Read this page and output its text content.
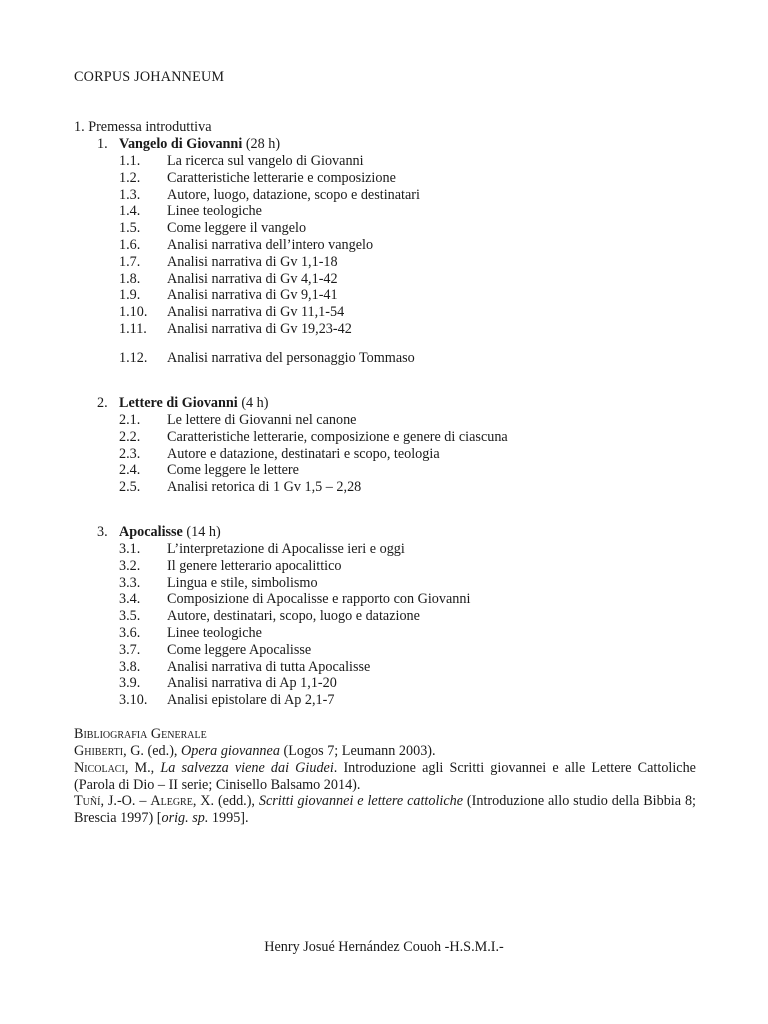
CORPUS JOHANNEUM
1. Premessa introduttiva
1. Vangelo di Giovanni (28 h)
1.1. La ricerca sul vangelo di Giovanni
1.2. Caratteristiche letterarie e composizione
1.3. Autore, luogo, datazione, scopo e destinatari
1.4. Linee teologiche
1.5. Come leggere il vangelo
1.6. Analisi narrativa dell’intero vangelo
1.7. Analisi narrativa di Gv 1,1-18
1.8. Analisi narrativa di Gv 4,1-42
1.9. Analisi narrativa di Gv 9,1-41
1.10. Analisi narrativa di Gv 11,1-54
1.11. Analisi narrativa di Gv 19,23-42
1.12. Analisi narrativa del personaggio Tommaso
2. Lettere di Giovanni (4 h)
2.1. Le lettere di Giovanni nel canone
2.2. Caratteristiche letterarie, composizione e genere di ciascuna
2.3. Autore e datazione, destinatari e scopo, teologia
2.4. Come leggere le lettere
2.5. Analisi retorica di 1 Gv 1,5 – 2,28
3. Apocalisse (14 h)
3.1. L’interpretazione di Apocalisse ieri e oggi
3.2. Il genere letterario apocalittico
3.3. Lingua e stile, simbolismo
3.4. Composizione di Apocalisse e rapporto con Giovanni
3.5. Autore, destinatari, scopo, luogo e datazione
3.6. Linee teologiche
3.7. Come leggere Apocalisse
3.8. Analisi narrativa di tutta Apocalisse
3.9. Analisi narrativa di Ap 1,1-20
3.10. Analisi epistolare di Ap 2,1-7
Bibliografia Generale
Ghiberti, G. (ed.), Opera giovannea (Logos 7; Leumann 2003).
Nicolaci, M., La salvezza viene dai Giudei. Introduzione agli Scritti giovannei e alle Lettere Cattoliche (Parola di Dio – II serie; Cinisello Balsamo 2014).
Tuñí, J.-O. – Alegre, X. (edd.), Scritti giovannei e lettere cattoliche (Introduzione allo studio della Bibbia 8; Brescia 1997) [orig. sp. 1995].
Henry Josué Hernández Couoh -H.S.M.I.-
